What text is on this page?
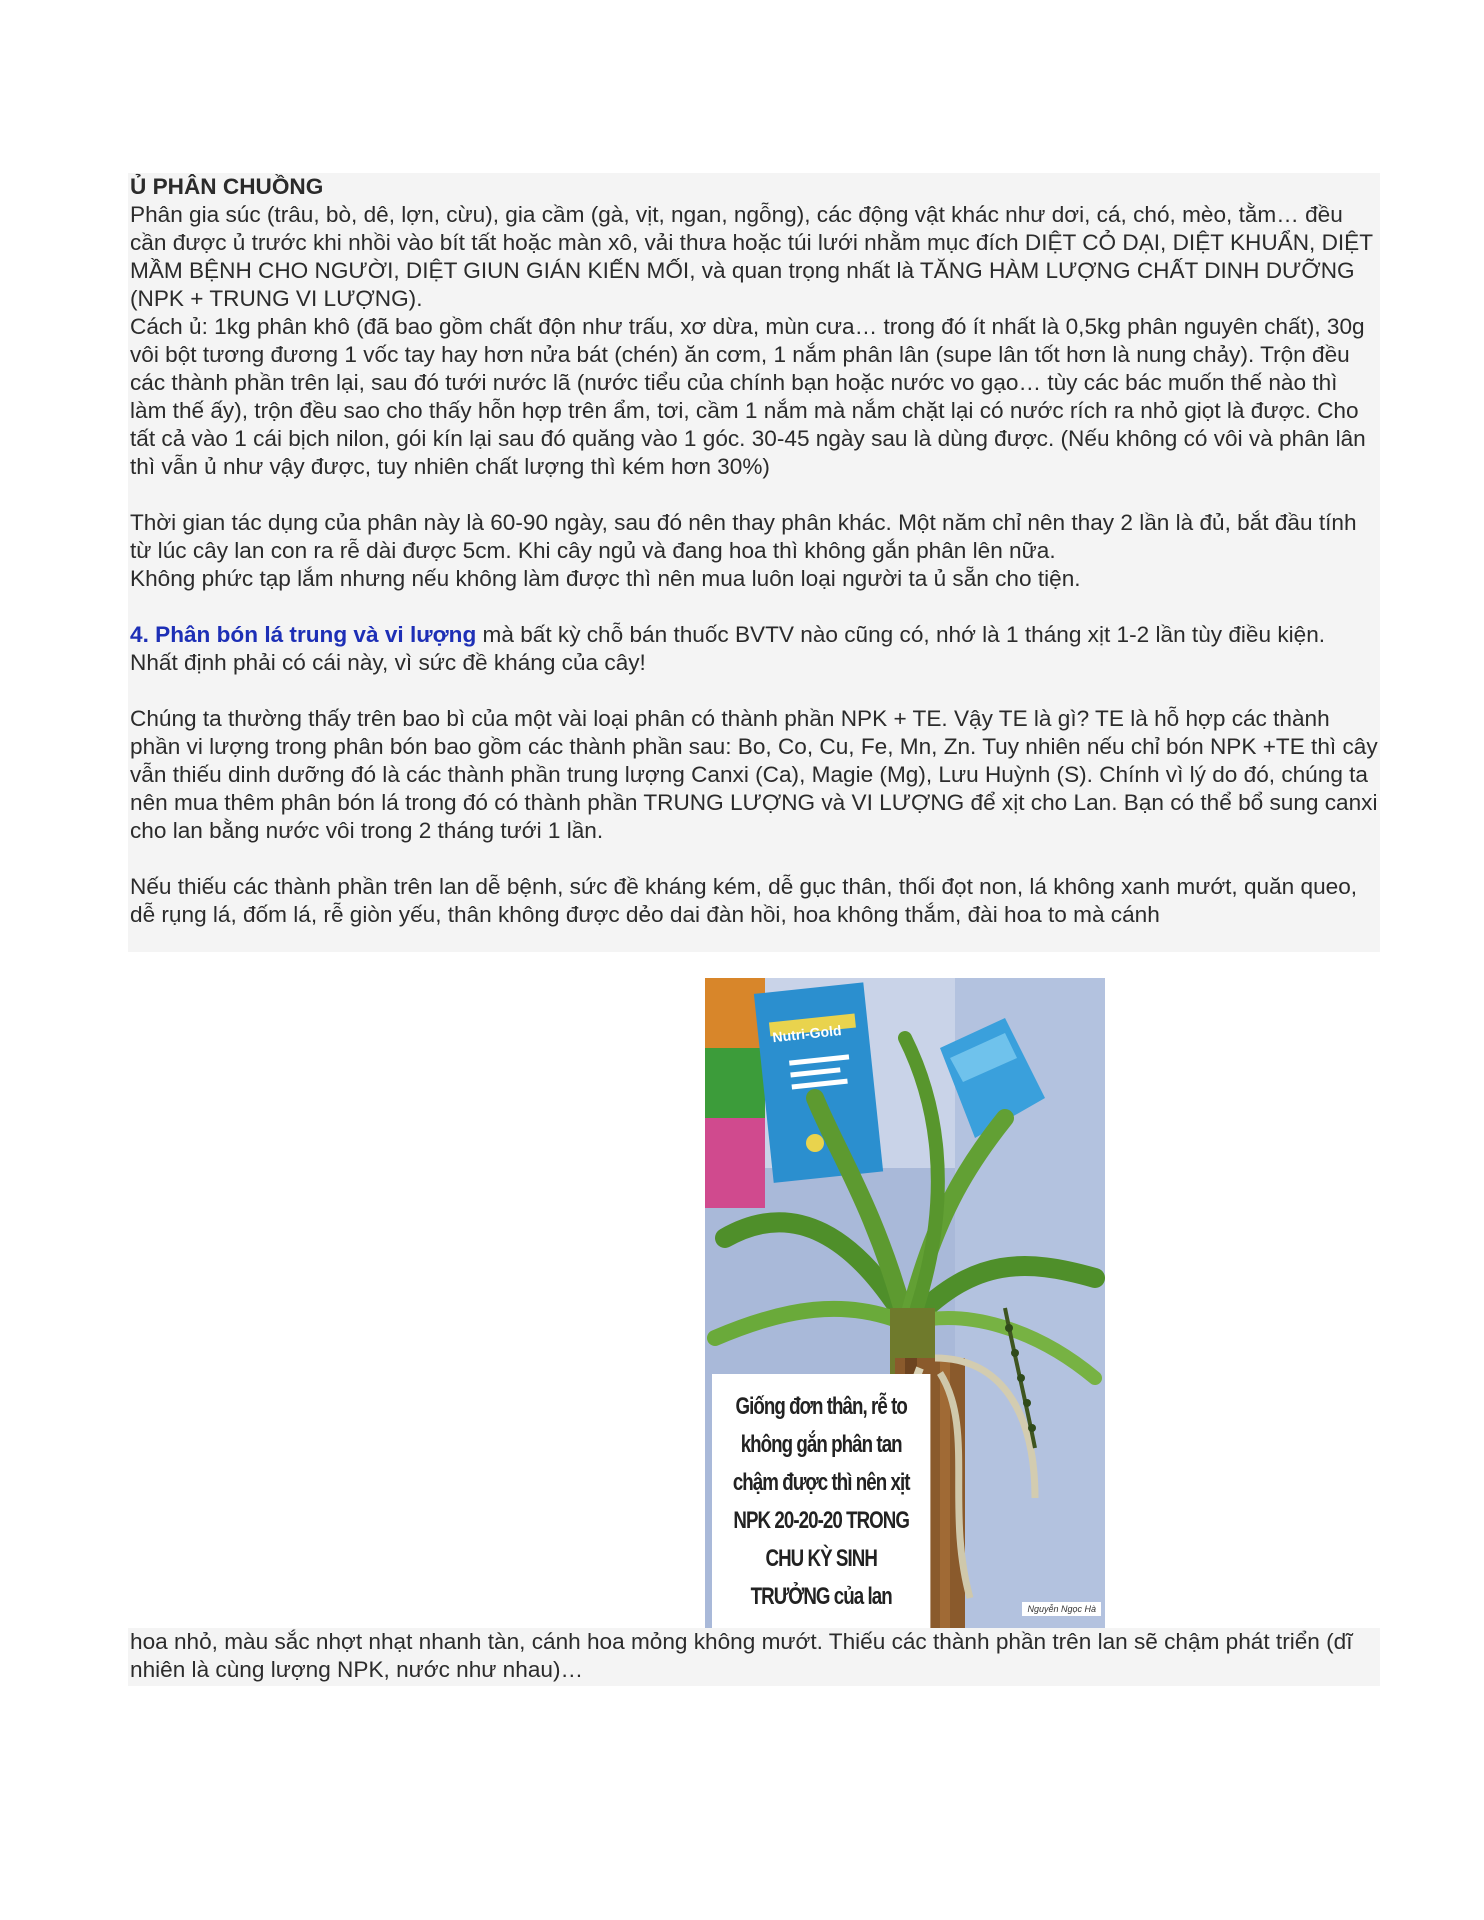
Ủ PHÂN CHUỒNG

Phân gia súc (trâu, bò, dê, lợn, cừu), gia cầm (gà, vịt, ngan, ngỗng), các động vật khác như dơi, cá, chó, mèo, tằm… đều cần được ủ trước khi nhồi vào bít tất hoặc màn xô, vải thưa hoặc túi lưới nhằm mục đích DIỆT CỎ DẠI, DIỆT KHUẨN, DIỆT MẦM BỆNH CHO NGƯỜI, DIỆT GIUN GIÁN KIẾN MỐI, và quan trọng nhất là TĂNG HÀM LƯỢNG CHẤT DINH DƯỠNG (NPK + TRUNG VI LƯỢNG).

Cách ủ: 1kg phân khô (đã bao gồm chất độn như trấu, xơ dừa, mùn cưa… trong đó ít nhất là 0,5kg phân nguyên chất), 30g vôi bột tương đương 1 vốc tay hay hơn nửa bát (chén) ăn cơm, 1 nắm phân lân (supe lân tốt hơn là nung chảy). Trộn đều các thành phần trên lại, sau đó tưới nước lã (nước tiểu của chính bạn hoặc nước vo gạo… tùy các bác muốn thế nào thì làm thế ấy), trộn đều sao cho thấy hỗn hợp trên ẩm, tơi, cầm 1 nắm mà nắm chặt lại có nước rích ra nhỏ giọt là được. Cho tất cả vào 1 cái bịch nilon, gói kín lại sau đó quăng vào 1 góc. 30-45 ngày sau là dùng được. (Nếu không có vôi và phân lân thì vẫn ủ như vậy được, tuy nhiên chất lượng thì kém hơn 30%)

Thời gian tác dụng của phân này là 60-90 ngày, sau đó nên thay phân khác. Một năm chỉ nên thay 2 lần là đủ, bắt đầu tính từ lúc cây lan con ra rễ dài được 5cm. Khi cây ngủ và đang hoa thì không gắn phân lên nữa.

Không phức tạp lắm nhưng nếu không làm được thì nên mua luôn loại người ta ủ sẵn cho tiện.

4. Phân bón lá trung và vi lượng mà bất kỳ chỗ bán thuốc BVTV nào cũng có, nhớ là 1 tháng xịt 1-2 lần tùy điều kiện. Nhất định phải có cái này, vì sức đề kháng của cây!

Chúng ta thường thấy trên bao bì của một vài loại phân có thành phần NPK + TE. Vậy TE là gì? TE là hỗ hợp các thành phần vi lượng trong phân bón bao gồm các thành phần sau: Bo, Co, Cu, Fe, Mn, Zn. Tuy nhiên nếu chỉ bón NPK +TE thì cây vẫn thiếu dinh dưỡng đó là các thành phần trung lượng Canxi (Ca), Magie (Mg), Lưu Huỳnh (S). Chính vì lý do đó, chúng ta nên mua thêm phân bón lá trong đó có thành phần TRUNG LƯỢNG và VI LƯỢNG để xịt cho Lan. Bạn có thể bổ sung canxi cho lan bằng nước vôi trong 2 tháng tưới 1 lần.

Nếu thiếu các thành phần trên lan dễ bệnh, sức đề kháng kém, dễ gục thân, thối đọt non, lá không xanh mướt, quăn queo, dễ rụng lá, đốm lá, rễ giòn yếu, thân không được dẻo dai đàn hồi, hoa không thắm, đài hoa to mà cánh

Nutri-Gold
Giống đơn thân, rễ to
không gắn phân tan
chậm được thì nên xịt
NPK 20-20-20 TRONG
CHU KỲ SINH
TRƯỞNG của lan	Nguyễn Ngọc Hà

hoa nhỏ, màu sắc nhợt nhạt nhanh tàn, cánh hoa mỏng không mướt. Thiếu các thành phần trên lan sẽ chậm phát triển (dĩ nhiên là cùng lượng NPK, nước như nhau)…
